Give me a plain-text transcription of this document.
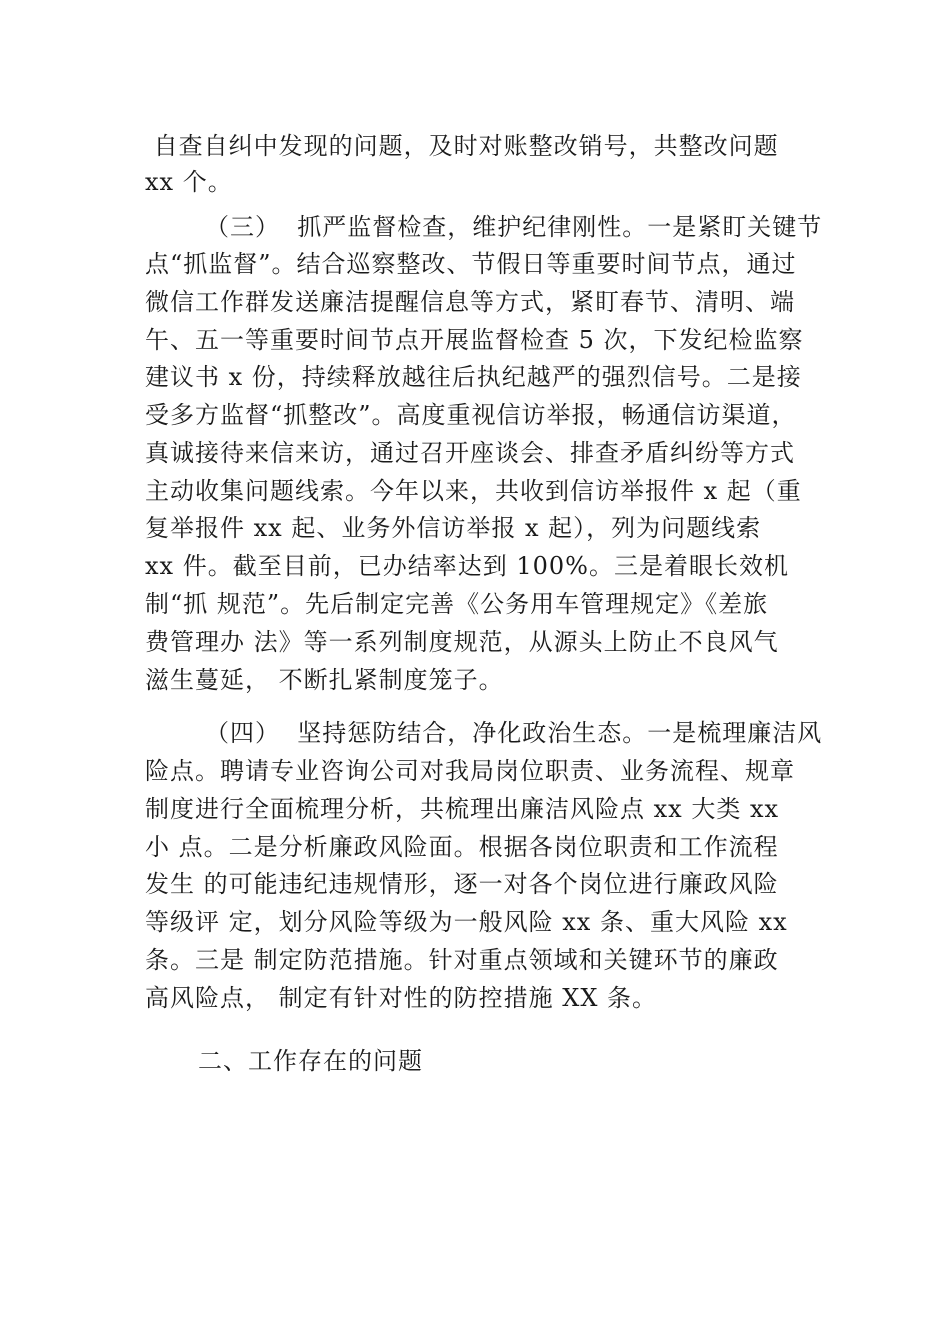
自查自纠中发现的问题，及时对账整改销号，共整改问题
xx 个。
（三）  抓严监督检查，维护纪律刚性。一是紧盯关键节
点“抓监督”。结合巡察整改、节假日等重要时间节点，通过
微信工作群发送廉洁提醒信息等方式，紧盯春节、清明、端
午、五一等重要时间节点开展监督检查 5 次，下发纪检监察
建议书 x 份，持续释放越往后执纪越严的强烈信号。二是接
受多方监督“抓整改”。高度重视信访举报，畅通信访渠道，
真诚接待来信来访，通过召开座谈会、排查矛盾纠纷等方式
主动收集问题线索。今年以来，共收到信访举报件 x 起（重
复举报件 xx 起、业务外信访举报 x 起），列为问题线索
xx 件。截至目前，已办结率达到 100%。三是着眼长效机
制“抓 规范”。先后制定完善《公务用车管理规定》《差旅
费管理办 法》等一系列制度规范，从源头上防止不良风气
滋生蔓延， 不断扎紧制度笼子。
（四）  坚持惩防结合，净化政治生态。一是梳理廉洁风
险点。聘请专业咨询公司对我局岗位职责、业务流程、规章
制度进行全面梳理分析，共梳理出廉洁风险点 xx 大类 xx
小 点。二是分析廉政风险面。根据各岗位职责和工作流程
发生 的可能违纪违规情形，逐一对各个岗位进行廉政风险
等级评 定，划分风险等级为一般风险 xx 条、重大风险 xx
条。三是 制定防范措施。针对重点领域和关键环节的廉政
高风险点， 制定有针对性的防控措施 XX 条。
二、工作存在的问题
